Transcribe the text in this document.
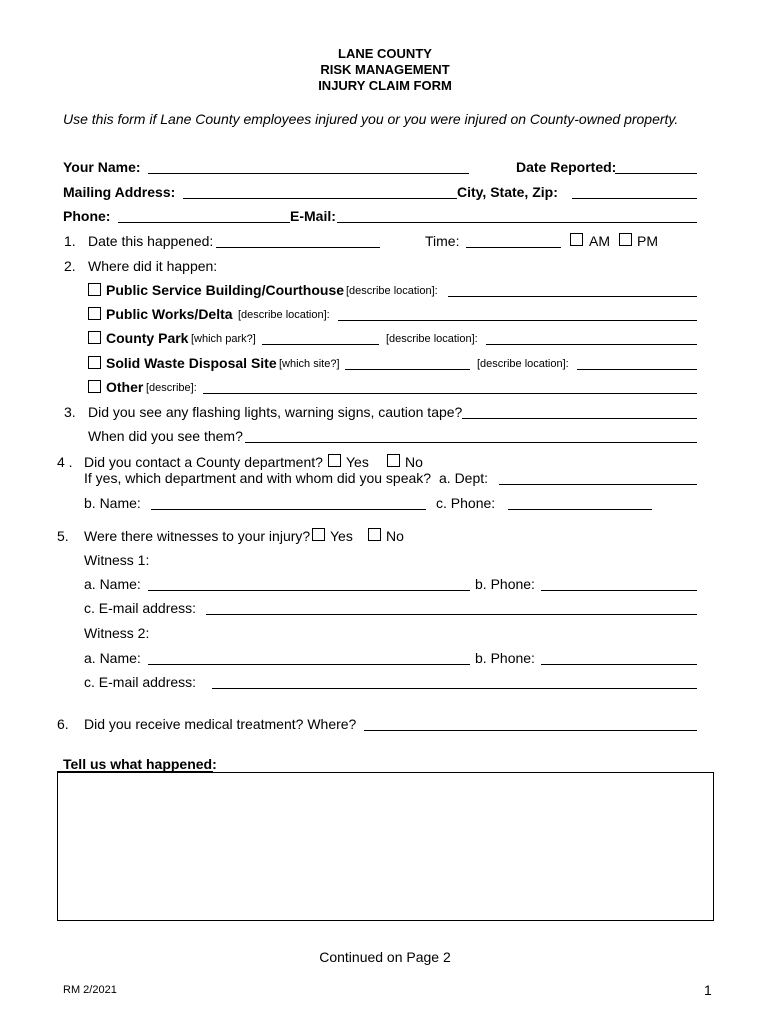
LANE COUNTY
RISK MANAGEMENT
INJURY CLAIM FORM
Use this form if Lane County employees injured you or you were injured on County-owned property.
Your Name:	Date Reported:
Mailing Address:	City, State, Zip:
Phone:	E-Mail:
1. Date this happened:	Time:	AM PM
2. Where did it happen:
Public Service Building/Courthouse [describe location]:
Public Works/Delta [describe location]:
County Park [which park?]	[describe location]:
Solid Waste Disposal Site [which site?]	[describe location]:
Other [describe]:
3. Did you see any flashing lights, warning signs, caution tape?
When did you see them?
4 . Did you contact a County department? Yes	No
If yes, which department and with whom did you speak? a. Dept:
b. Name:	c. Phone:
5. Were there witnesses to your injury? Yes No
Witness 1:
a. Name:	b. Phone:
c. E-mail address:
Witness 2:
a. Name:	b. Phone:
c. E-mail address:
6. Did you receive medical treatment? Where?
Tell us what happened:
Continued on Page 2
RM 2/2021	1
